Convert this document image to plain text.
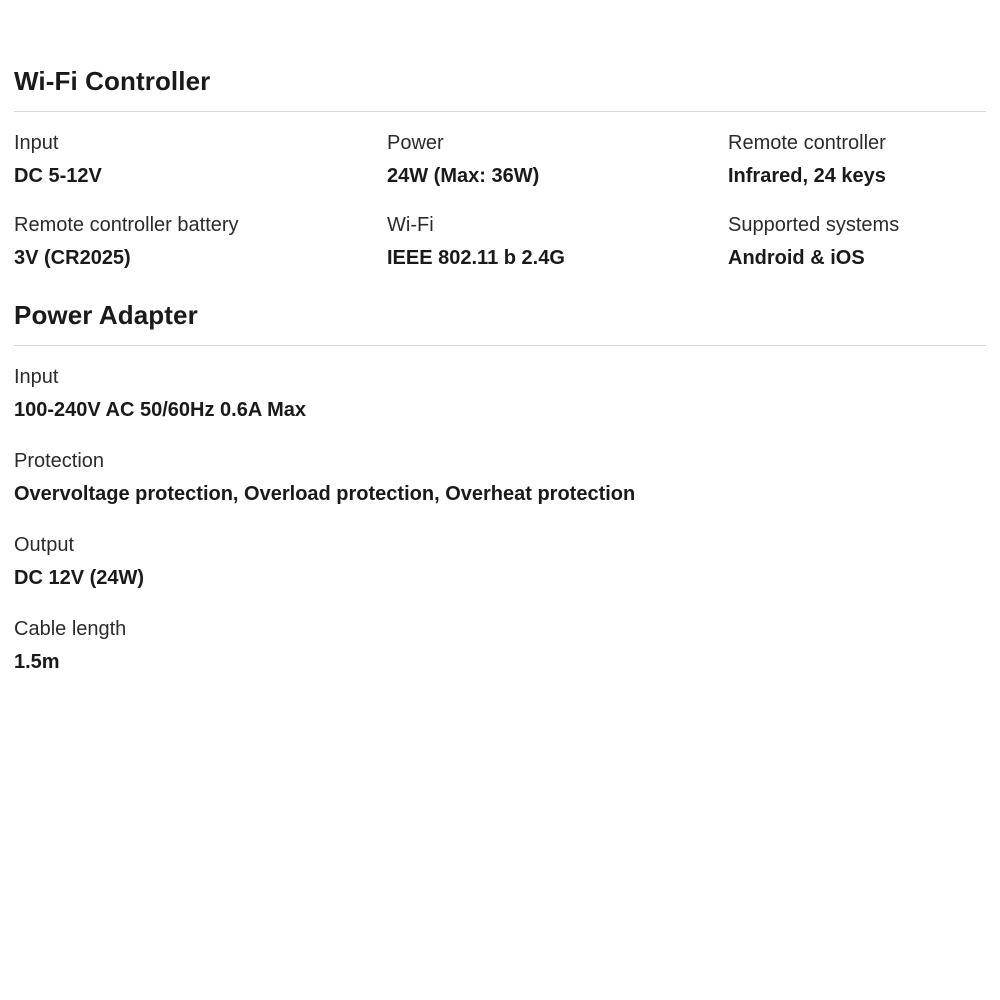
Wi-Fi Controller
Input
DC 5-12V
Power
24W (Max: 36W)
Remote controller
Infrared, 24 keys
Remote controller battery
3V (CR2025)
Wi-Fi
IEEE 802.11 b 2.4G
Supported systems
Android & iOS
Power Adapter
Input
100-240V AC 50/60Hz 0.6A Max
Protection
Overvoltage protection, Overload protection, Overheat protection
Output
DC 12V (24W)
Cable length
1.5m
